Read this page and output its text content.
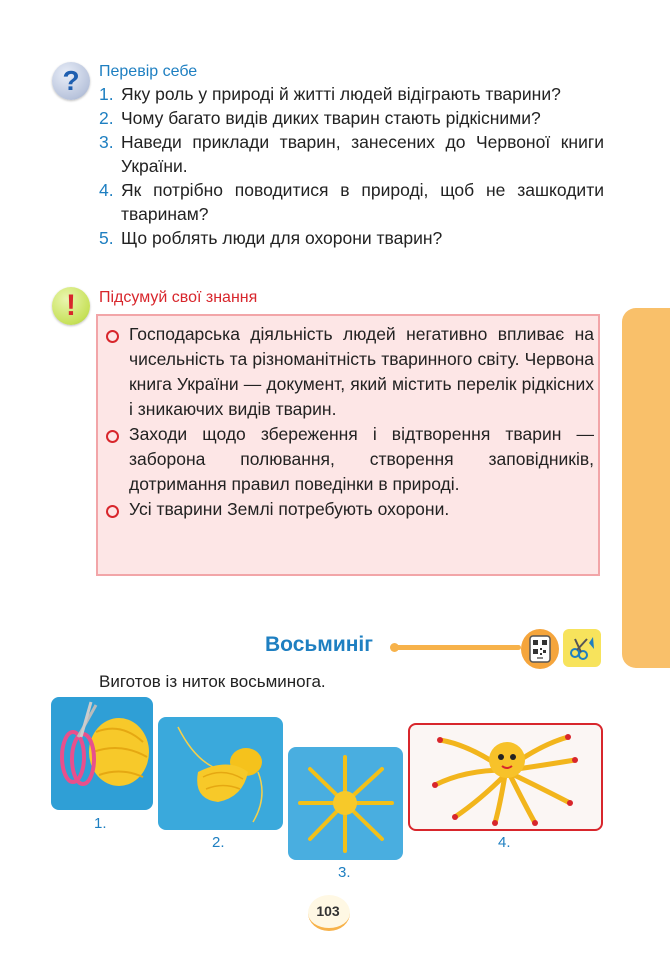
?	Перевір себе
1. Яку роль у природі й житті людей відіграють тварини?
2. Чому багато видів диких тварин стають рідкісними?
3. Наведи приклади тварин, занесених до Червоної книги України.
4. Як потрібно поводитися в природі, щоб не зашкодити тваринам?
5. Що роблять люди для охорони тварин?
!	Підсумуй свої знання
Господарська діяльність людей негативно впливає на чисельність та різноманітність тваринного світу. Червона книга України — документ, який містить перелік рідкісних і зникаючих видів тварин.
Заходи щодо збереження і відтворення тварин — заборона полювання, створення заповідників, дотримання правил поведінки в природі.
Усі тварини Землі потребують охорони.
Восьминіг
Виготов із ниток восьминога.
1.
2.
3.
4.
103
